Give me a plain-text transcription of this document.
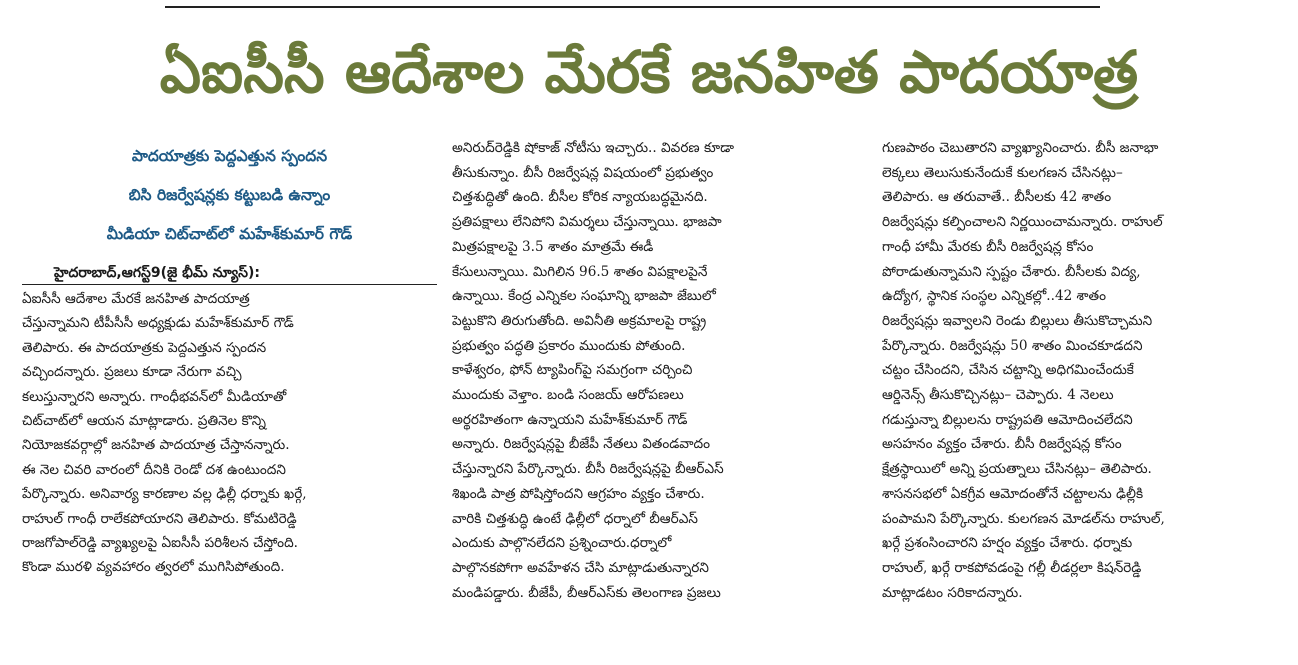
ఏఐసీసీ ఆదేశాల మేరకే జనహిత పాదయాత్ర

పాదయాత్రకు పెద్దఎత్తున స్పందన

బిసి రిజర్వేషన్లకు కట్టుబడి ఉన్నాం

మీడియా చిట్‌చాట్‌లో మహేశ్‌కుమార్ గౌడ్

హైదరాబాద్,ఆగస్ట్9(జై భీమ్ న్యూస్):

ఏఐసీసీ ఆదేశాల మేరకే జనహిత పాదయాత్ర

చేస్తున్నామని టీపీసీసీ అధ్యక్షుడు మహేశ్‌కుమార్ గౌడ్

తెలిపారు. ఈ పాదయాత్రకు పెద్దఎత్తున స్పందన

వచ్చిందన్నారు. ప్రజలు కూడా నేరుగా వచ్చి

కలుస్తున్నారని అన్నారు. గాంధీభవన్‌లో మీడియాతో

చిట్‌చాట్‌లో ఆయన మాట్లాడారు. ప్రతినెల కొన్ని

నియోజకవర్గాల్లో జనహిత పాదయాత్ర చేస్తానన్నారు.

ఈ నెల చివరి వారంలో దీనికి రెండో దశ ఉంటుందని

పేర్కొన్నారు. అనివార్య కారణాల వల్ల ఢిల్లీ ధర్నాకు ఖర్గే,

రాహుల్ గాంధీ రాలేకపోయారని తెలిపారు. కోమటిరెడ్డి

రాజగోపాల్‌రెడ్డి వ్యాఖ్యలపై ఏఐసీసీ పరిశీలన చేస్తోంది.

కొండా మురళి వ్యవహారం త్వరలో ముగిసిపోతుంది.

అనిరుద్‌రెడ్డికి షోకాజ్ నోటీసు ఇచ్చారు.. వివరణ కూడా

తీసుకున్నాం. బీసీ రిజర్వేషన్ల విషయంలో ప్రభుత్వం

చిత్తశుద్ధితో ఉంది. బీసీల కోరిక న్యాయబద్ధమైనది.

ప్రతిపక్షాలు లేనిపోని విమర్శలు చేస్తున్నాయి. భాజపా

మిత్రపక్షాలపై 3.5 శాతం మాత్రమే ఈడీ

కేసులున్నాయి. మిగిలిన 96.5 శాతం విపక్షాలపైనే

ఉన్నాయి. కేంద్ర ఎన్నికల సంఘాన్ని భాజపా జేబులో

పెట్టుకొని తిరుగుతోంది. అవినీతి అక్రమాలపై రాష్ట్ర

ప్రభుత్వం పద్ధతి ప్రకారం ముందుకు పోతుంది.

కాళేశ్వరం, ఫోన్ ట్యాపింగ్‌పై సమగ్రంగా చర్చించి

ముందుకు వెళ్తాం. బండి సంజయ్ ఆరోపణలు

అర్థరహితంగా ఉన్నాయని మహేశ్‌కుమార్ గౌడ్

అన్నారు. రిజర్వేషన్లపై బీజేపీ నేతలు వితండవాదం

చేస్తున్నారని పేర్కొన్నారు. బీసీ రిజర్వేషన్లపై బీఆర్ఎస్

శిఖండి పాత్ర పోషిస్తోందని ఆగ్రహం వ్యక్తం చేశారు.

వారికి చిత్తశుద్ధి ఉంటే ఢిల్లీలో ధర్నాలో బీఆర్ఎస్

ఎందుకు పాల్గొనలేదని ప్రశ్నించారు.ధర్నాలో

పాల్గొనకపోగా అవహేళన చేసి మాట్లాడుతున్నారని

మండిపడ్డారు. బీజేపీ, బీఆర్ఎస్‌కు తెలంగాణ ప్రజలు

గుణపాఠం చెబుతారని వ్యాఖ్యానించారు. బీసీ జనాభా

లెక్కలు తెలుసుకునేందుకే కులగణన చేసినట్లు–

తెలిపారు. ఆ తరువాతే.. బీసీలకు 42 శాతం

రిజర్వేషన్లు కల్పించాలని నిర్ణయించామన్నారు. రాహుల్

గాంధీ హామీ మేరకు బీసీ రిజర్వేషన్ల కోసం

పోరాడుతున్నామని స్పష్టం చేశారు. బీసీలకు విద్య,

ఉద్యోగ, స్థానిక సంస్థల ఎన్నికల్లో..42 శాతం

రిజర్వేషన్లు ఇవ్వాలని రెండు బిల్లులు తీసుకొచ్చామని

పేర్కొన్నారు. రిజర్వేషన్లు 50 శాతం మించకూడదని

చట్టం చేసిందని, చేసిన చట్టాన్ని అధిగమించేందుకే

ఆర్డినెన్స్ తీసుకొచ్చినట్లు– చెప్పారు. 4 నెలలు

గడుస్తున్నా బిల్లులను రాష్ట్రపతి ఆమోదించలేదని

అసహనం వ్యక్తం చేశారు. బీసీ రిజర్వేషన్ల కోసం

క్షేత్రస్థాయిలో అన్ని ప్రయత్నాలు చేసినట్లు– తెలిపారు.

శాసనసభలో ఏకగ్రీవ ఆమోదంతోనే చట్టాలను ఢిల్లీకి

పంపామని పేర్కొన్నారు. కులగణన మోడల్‌ను రాహుల్,

ఖర్గే ప్రశంసించారని హర్షం వ్యక్తం చేశారు. ధర్నాకు

రాహుల్, ఖర్గే రాకపోవడంపై గల్లీ లీడర్లలా కిషన్‌రెడ్డి

మాట్లాడటం సరికాదన్నారు.
